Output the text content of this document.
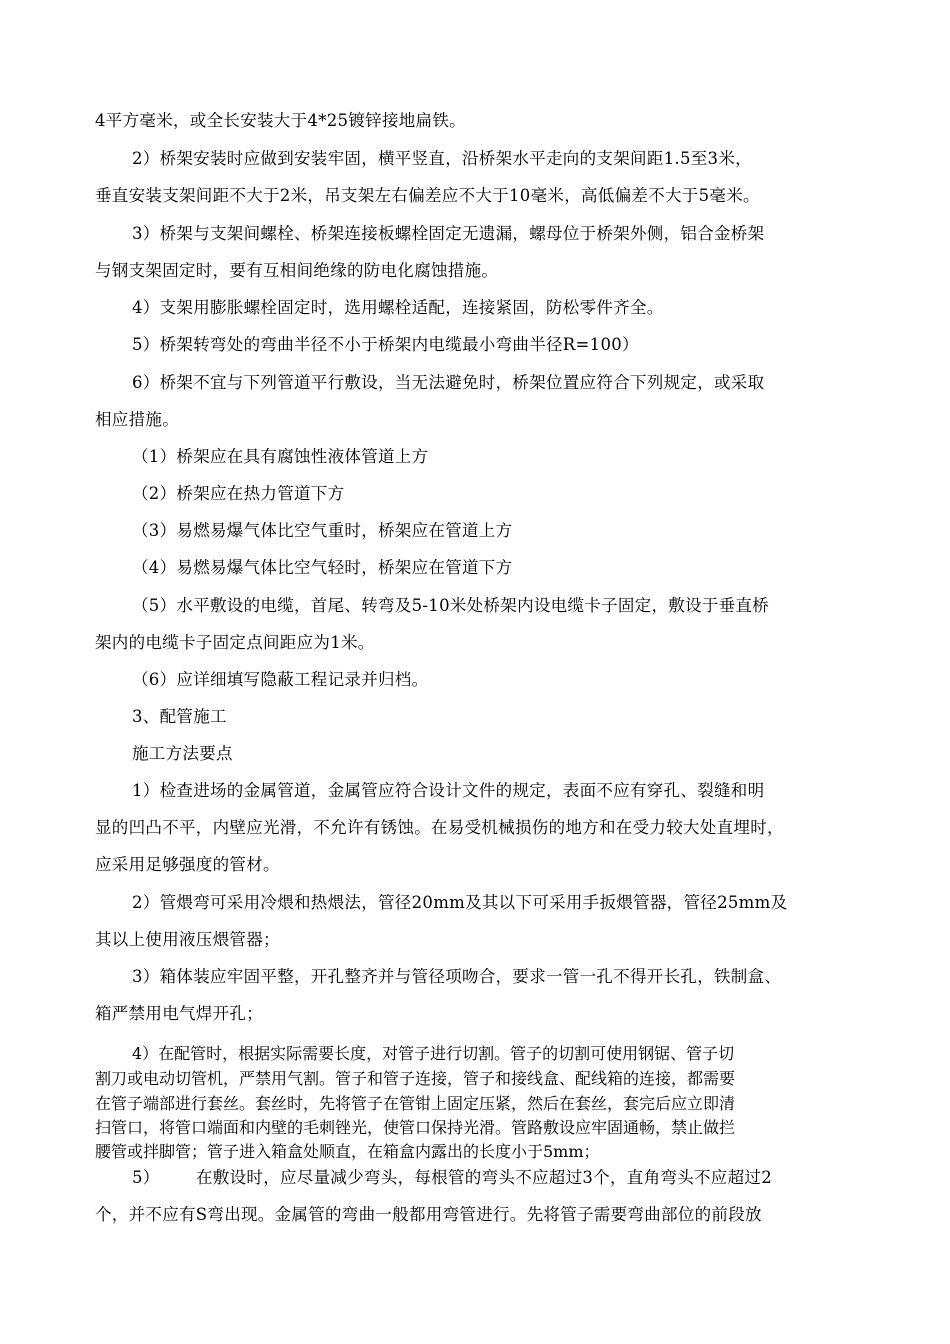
4平方毫米，或全长安装大于4*25镀锌接地扁铁。
2）桥架安装时应做到安装牢固，横平竖直，沿桥架水平走向的支架间距1.5至3米，
垂直安装支架间距不大于2米，吊支架左右偏差应不大于10毫米，高低偏差不大于5毫米。
3）桥架与支架间螺栓、桥架连接板螺栓固定无遗漏，螺母位于桥架外侧，铝合金桥架
与钢支架固定时，要有互相间绝缘的防电化腐蚀措施。
4）支架用膨胀螺栓固定时，选用螺栓适配，连接紧固，防松零件齐全。
5）桥架转弯处的弯曲半径不小于桥架内电缆最小弯曲半径R=100）
6）桥架不宜与下列管道平行敷设，当无法避免时，桥架位置应符合下列规定，或采取
相应措施。
（1）桥架应在具有腐蚀性液体管道上方
（2）桥架应在热力管道下方
（3）易燃易爆气体比空气重时，桥架应在管道上方
（4）易燃易爆气体比空气轻时，桥架应在管道下方
（5）水平敷设的电缆，首尾、转弯及5-10米处桥架内设电缆卡子固定，敷设于垂直桥
架内的电缆卡子固定点间距应为1米。
（6）应详细填写隐蔽工程记录并归档。
3、配管施工
施工方法要点
1）检查进场的金属管道，金属管应符合设计文件的规定，表面不应有穿孔、裂缝和明
显的凹凸不平，内壁应光滑，不允许有锈蚀。在易受机械损伤的地方和在受力较大处直埋时，
应采用足够强度的管材。
2）管煨弯可采用冷煨和热煨法，管径20mm及其以下可采用手扳煨管器，管径25mm及
其以上使用液压煨管器；
3）箱体装应牢固平整，开孔整齐并与管径项吻合，要求一管一孔不得开长孔，铁制盒、
箱严禁用电气焊开孔；
4）在配管时，根据实际需要长度，对管子进行切割。管子的切割可使用钢锯、管子切
割刀或电动切管机，严禁用气割。管子和管子连接，管子和接线盒、配线箱的连接，都需要
在管子端部进行套丝。套丝时，先将管子在管钳上固定压紧，然后在套丝，套完后应立即清
扫管口，将管口端面和内壁的毛刺锉光，使管口保持光滑。管路敷设应牢固通畅，禁止做拦
腰管或拌脚管；管子进入箱盒处顺直，在箱盒内露出的长度小于5mm；
5） 在敷设时，应尽量减少弯头，每根管的弯头不应超过3个，直角弯头不应超过2
个，并不应有S弯出现。金属管的弯曲一般都用弯管进行。先将管子需要弯曲部位的前段放
